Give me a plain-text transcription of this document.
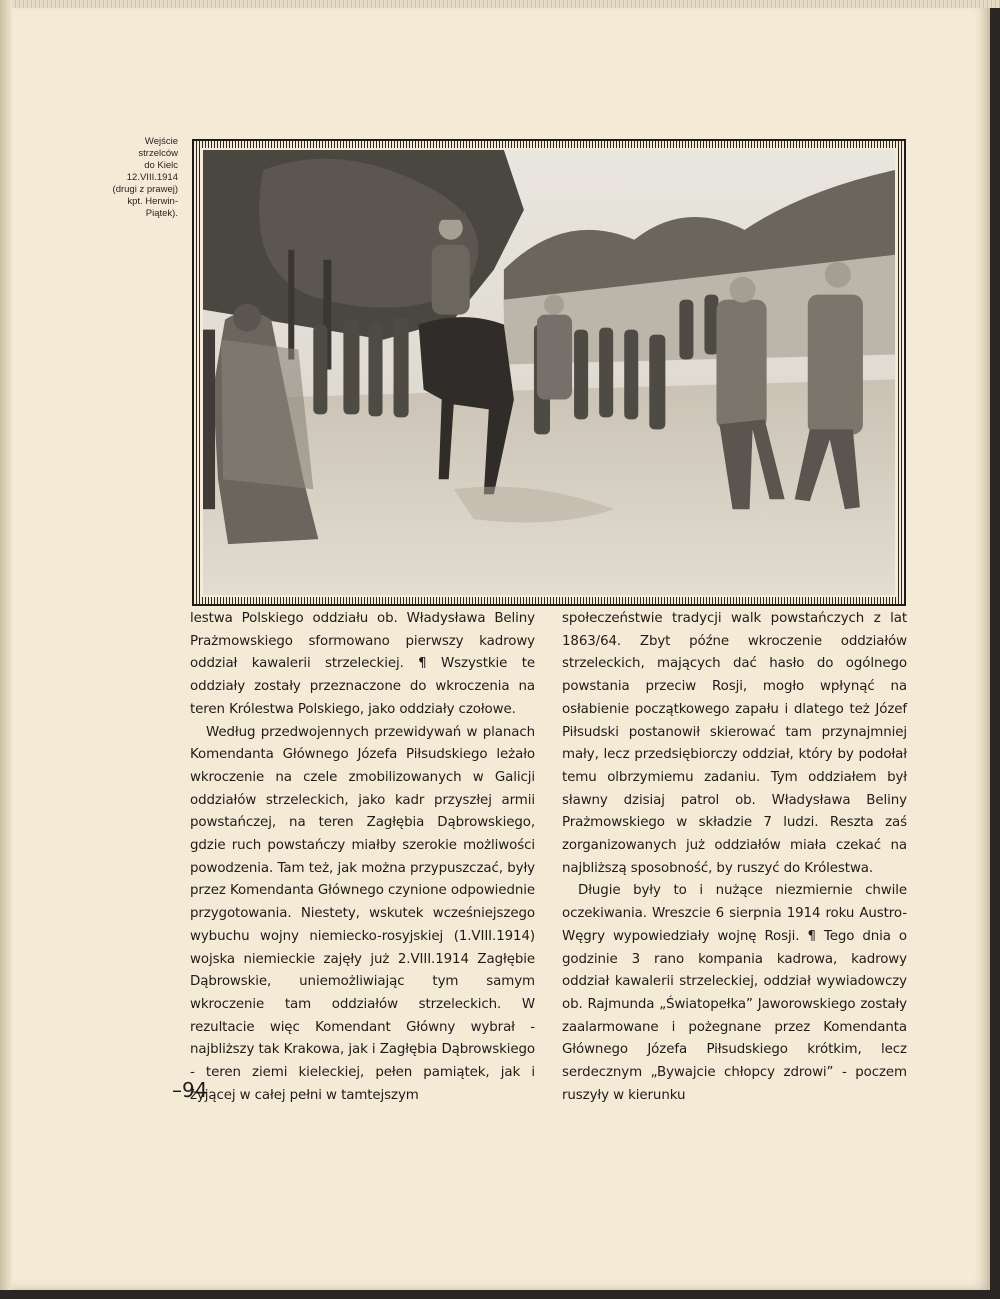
Wejście
strzelców
do Kielc
12.VIII.1914
(drugi z prawej)
kpt. Herwin-
Piątek).

lestwa Polskiego oddziału ob. Władysława Beliny Prażmowskiego sformowano pierwszy kadrowy oddział kawalerii strzeleckiej. ¶ Wszystkie te oddziały zostały przeznaczone do wkroczenia na teren Królestwa Polskiego, jako oddziały czołowe.

Według przedwojennych przewidywań w planach Komendanta Głównego Józefa Piłsudskiego leżało wkroczenie na czele zmobilizowanych w Galicji oddziałów strzeleckich, jako kadr przyszłej armii powstańczej, na teren Zagłębia Dąbrowskiego, gdzie ruch powstańczy miałby szerokie możliwości powodzenia. Tam też, jak można przypuszczać, były przez Komendanta Głównego czynione odpowiednie przygotowania. Niestety, wskutek wcześniejszego wybuchu wojny niemiecko-rosyjskiej (1.VIII.1914) wojska niemieckie zajęły już 2.VIII.1914 Zagłębie Dąbrowskie, uniemożliwiając tym samym wkroczenie tam oddziałów strzeleckich. W rezultacie więc Komendant Główny wybrał - najbliższy tak Krakowa, jak i Zagłębia Dąbrowskiego - teren ziemi kieleckiej, pełen pamiątek, jak i żyjącej w całej pełni w tamtejszym

społeczeństwie tradycji walk powstańczych z lat 1863/64. Zbyt późne wkroczenie oddziałów strzeleckich, mających dać hasło do ogólnego powstania przeciw Rosji, mogło wpłynąć na osłabienie początkowego zapału i dlatego też Józef Piłsudski postanowił skierować tam przynajmniej mały, lecz przedsiębiorczy oddział, który by podołał temu olbrzymiemu zadaniu. Tym oddziałem był sławny dzisiaj patrol ob. Władysława Beliny Prażmowskiego w składzie 7 ludzi. Reszta zaś zorganizowanych już oddziałów miała czekać na najbliższą sposobność, by ruszyć do Królestwa.

Długie były to i nużące niezmiernie chwile oczekiwania. Wreszcie 6 sierpnia 1914 roku Austro-Węgry wypowiedziały wojnę Rosji. ¶ Tego dnia o godzinie 3 rano kompania kadrowa, kadrowy oddział kawalerii strzeleckiej, oddział wywiadowczy ob. Rajmunda „Światopełka” Jaworowskiego zostały zaalarmowane i pożegnane przez Komendanta Głównego Józefa Piłsudskiego krótkim, lecz serdecznym „Bywajcie chłopcy zdrowi” - poczem ruszyły w kierunku

–94
